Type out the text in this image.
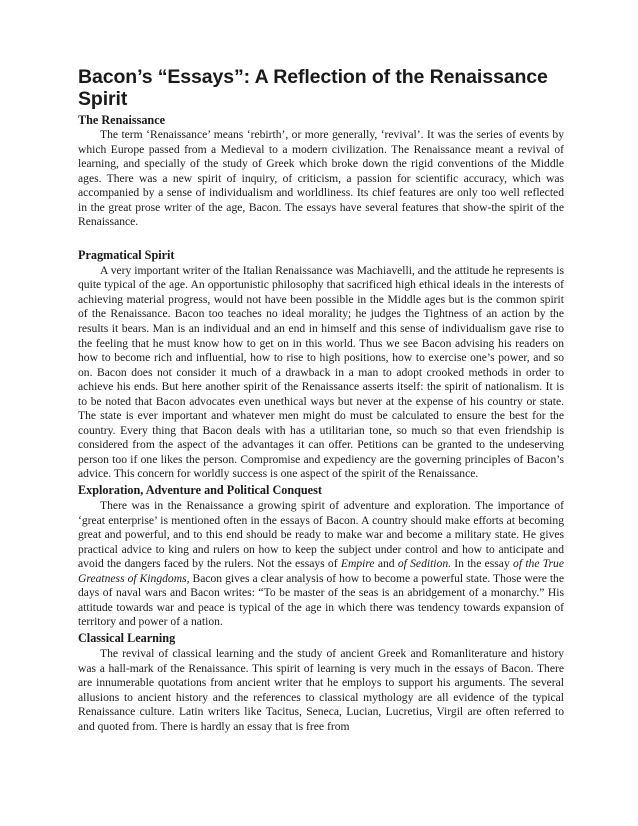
Bacon’s “Essays”: A Reflection of the Renaissance Spirit
The Renaissance

The term ‘Renaissance’ means ‘rebirth’, or more generally, ‘revival’. It was the series of events by which Europe passed from a Medieval to a modern civilization. The Renaissance meant a revival of learning, and specially of the study of Greek which broke down the rigid conventions of the Middle ages. There was a new spirit of inquiry, of criticism, a passion for scientific accuracy, which was accompanied by a sense of individualism and worldliness. Its chief features are only too well reflected in the great prose writer of the age, Bacon. The essays have several features that show-the spirit of the Renaissance.

Pragmatical Spirit

A very important writer of the Italian Renaissance was Machiavelli, and the attitude he represents is quite typical of the age. An opportunistic philosophy that sacrificed high ethical ideals in the interests of achieving material progress, would not have been possible in the Middle ages but is the common spirit of the Renaissance. Bacon too teaches no ideal morality; he judges the Tightness of an action by the results it bears. Man is an individual and an end in himself and this sense of individualism gave rise to the feeling that he must know how to get on in this world. Thus we see Bacon advising his readers on how to become rich and influential, how to rise to high positions, how to exercise one’s power, and so on. Bacon does not consider it much of a drawback in a man to adopt crooked methods in order to achieve his ends. But here another spirit of the Renaissance asserts itself: the spirit of nationalism. It is to be noted that Bacon advocates even unethical ways but never at the expense of his country or state. The state is ever important and whatever men might do must be calculated to ensure the best for the country. Every thing that Bacon deals with has a utilitarian tone, so much so that even friendship is considered from the aspect of the advantages it can offer. Petitions can be granted to the undeserving person too if one likes the person. Compromise and expediency are the governing principles of Bacon’s advice. This concern for worldly success is one aspect of the spirit of the Renaissance.

Exploration, Adventure and Political Conquest

There was in the Renaissance a growing spirit of adventure and exploration. The importance of ‘great enterprise’ is mentioned often in the essays of Bacon. A country should make efforts at becoming great and powerful, and to this end should be ready to make war and become a military state. He gives practical advice to king and rulers on how to keep the subject under control and how to anticipate and avoid the dangers faced by the rulers. Not the essays of Empire and of Sedition. In the essay of the True Greatness of Kingdoms, Bacon gives a clear analysis of how to become a powerful state. Those were the days of naval wars and Bacon writes: “To be master of the seas is an abridgement of a monarchy.” His attitude towards war and peace is typical of the age in which there was tendency towards expansion of territory and power of a nation.

Classical Learning

The revival of classical learning and the study of ancient Greek and Romanliterature and history was a hall-mark of the Renaissance. This spirit of learning is very much in the essays of Bacon. There are innumerable quotations from ancient writer that he employs to support his arguments. The several allusions to ancient history and the references to classical mythology are all evidence of the typical Renaissance culture. Latin writers like Tacitus, Seneca, Lucian, Lucretius, Virgil are often referred to and quoted from. There is hardly an essay that is free from
